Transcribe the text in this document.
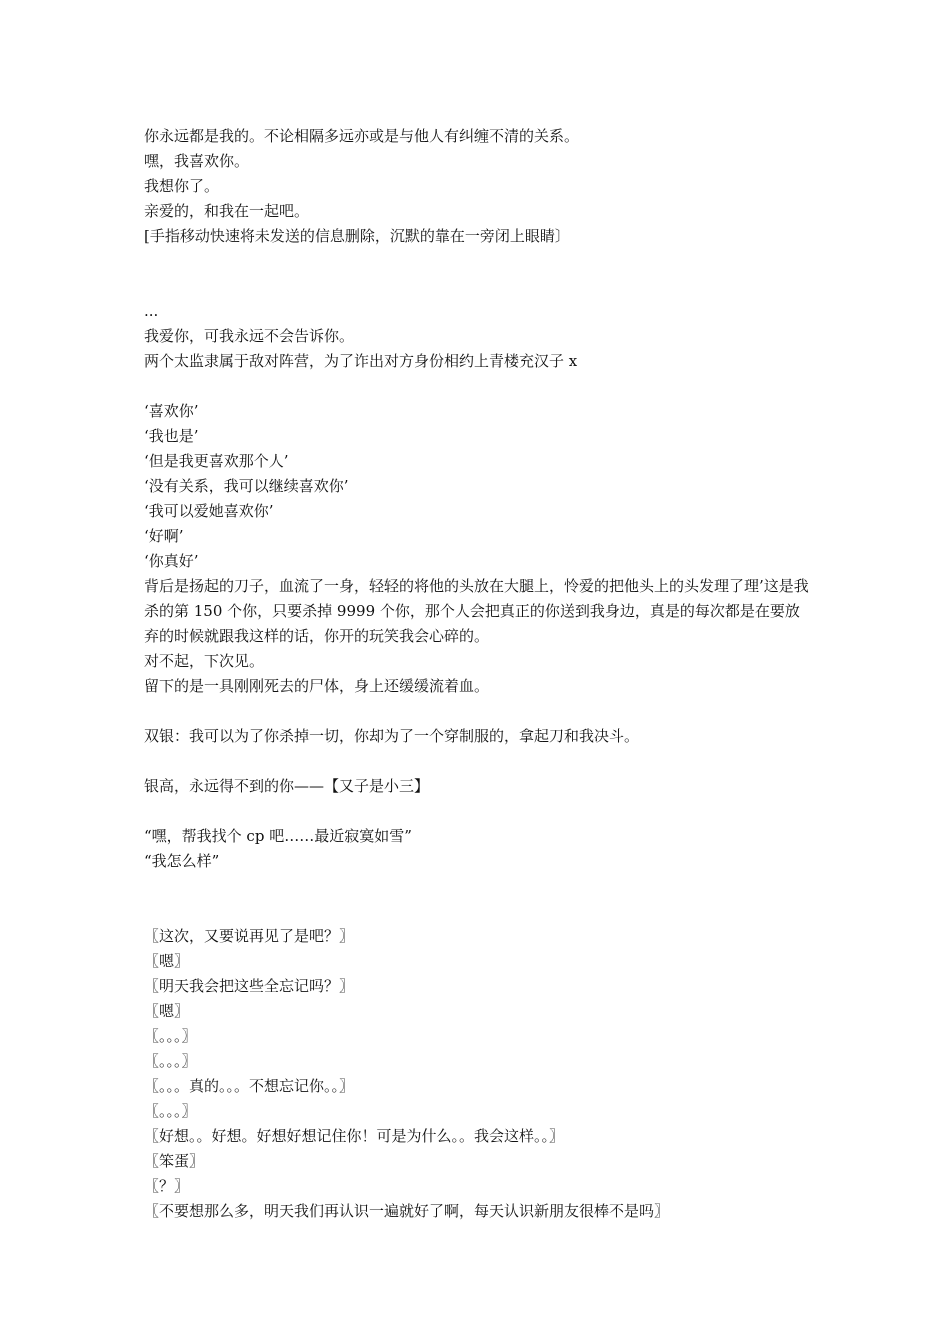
你永远都是我的。不论相隔多远亦或是与他人有纠缠不清的关系。

嘿，我喜欢你。

我想你了。

亲爱的，和我在一起吧。

[手指移动快速将未发送的信息删除，沉默的靠在一旁闭上眼睛〕

...

我爱你，可我永远不会告诉你。

两个太监隶属于敌对阵营，为了诈出对方身份相约上青楼充汉子 x

‘喜欢你’

‘我也是’

‘但是我更喜欢那个人’

‘没有关系，我可以继续喜欢你’

‘我可以爱她喜欢你’

‘好啊’

‘你真好’

背后是扬起的刀子，血流了一身，轻轻的将他的头放在大腿上，怜爱的把他头上的头发理了理’这是我杀的第 150 个你，只要杀掉 9999 个你，那个人会把真正的你送到我身边，真是的每次都是在要放弃的时候就跟我这样的话，你开的玩笑我会心碎的。

对不起，下次见。

留下的是一具刚刚死去的尸体，身上还缓缓流着血。

双银：我可以为了你杀掉一切，你却为了一个穿制服的，拿起刀和我决斗。

银高，永远得不到的你——【又子是小三】

“嘿，帮我找个 cp 吧……最近寂寞如雪”

“我怎么样”

〖这次，又要说再见了是吧？〗

〖嗯〗

〖明天我会把这些全忘记吗？〗

〖嗯〗

〖。。。〗

〖。。。〗

〖。。。真的。。。不想忘记你。。〗

〖。。。〗

〖好想。。好想。好想好想记住你！可是为什么。。我会这样。。〗

〖笨蛋〗

〖？〗

〖不要想那么多，明天我们再认识一遍就好了啊，每天认识新朋友很棒不是吗〗
